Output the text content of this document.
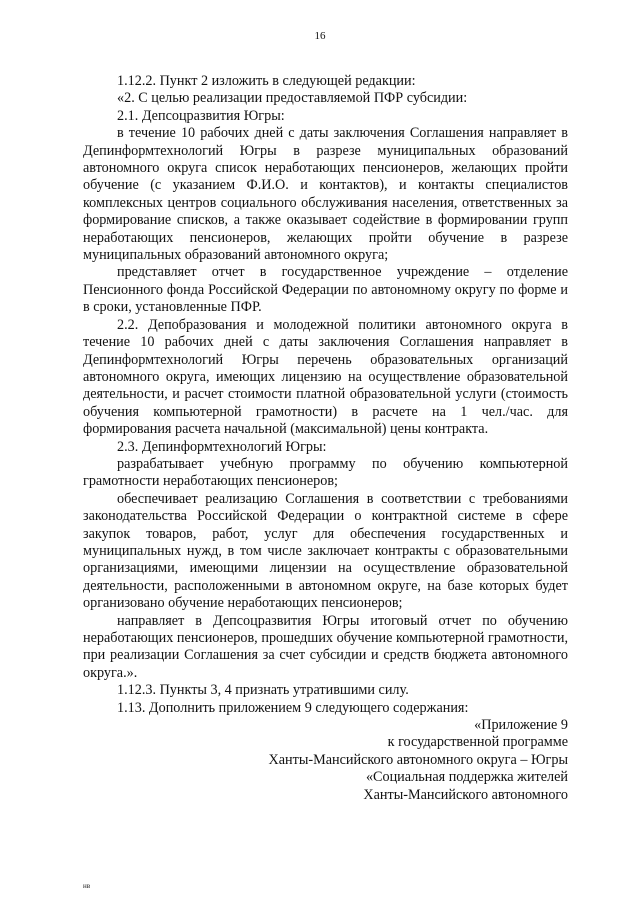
16

1.12.2. Пункт 2 изложить в следующей редакции:

«2. С целью реализации предоставляемой ПФР субсидии:

2.1. Депсоцразвития Югры:

в течение 10 рабочих дней с даты заключения Соглашения направляет в Депинформтехнологий Югры в разрезе муниципальных образований автономного округа список неработающих пенсионеров, желающих пройти обучение (с указанием Ф.И.О. и контактов), и контакты специалистов комплексных центров социального обслуживания населения, ответственных за формирование списков, а также оказывает содействие в формировании групп неработающих пенсионеров, желающих пройти обучение в разрезе муниципальных образований автономного округа;

представляет отчет в государственное учреждение – отделение Пенсионного фонда Российской Федерации по автономному округу по форме и в сроки, установленные ПФР.

2.2. Депобразования и молодежной политики автономного округа в течение 10 рабочих дней с даты заключения Соглашения направляет в Депинформтехнологий Югры перечень образовательных организаций автономного округа, имеющих лицензию на осуществление образовательной деятельности, и расчет стоимости платной образовательной услуги (стоимость обучения компьютерной грамотности) в расчете на 1 чел./час. для формирования расчета начальной (максимальной) цены контракта.

2.3. Депинформтехнологий Югры:

разрабатывает учебную программу по обучению компьютерной грамотности неработающих пенсионеров;

обеспечивает реализацию Соглашения в соответствии с требованиями законодательства Российской Федерации о контрактной системе в сфере закупок товаров, работ, услуг для обеспечения государственных и муниципальных нужд, в том числе заключает контракты с образовательными организациями, имеющими лицензии на осуществление образовательной деятельности, расположенными в автономном округе, на базе которых будет организовано обучение неработающих пенсионеров;

направляет в Депсоцразвития Югры итоговый отчет по обучению неработающих пенсионеров, прошедших обучение компьютерной грамотности, при реализации Соглашения за счет субсидии и средств бюджета автономного округа.».

1.12.3. Пункты 3, 4 признать утратившими силу.

1.13. Дополнить приложением 9 следующего содержания:

«Приложение 9

к государственной программе

Ханты-Мансийского автономного округа – Югры

«Социальная поддержка жителей

Ханты-Мансийского автономного

нв
